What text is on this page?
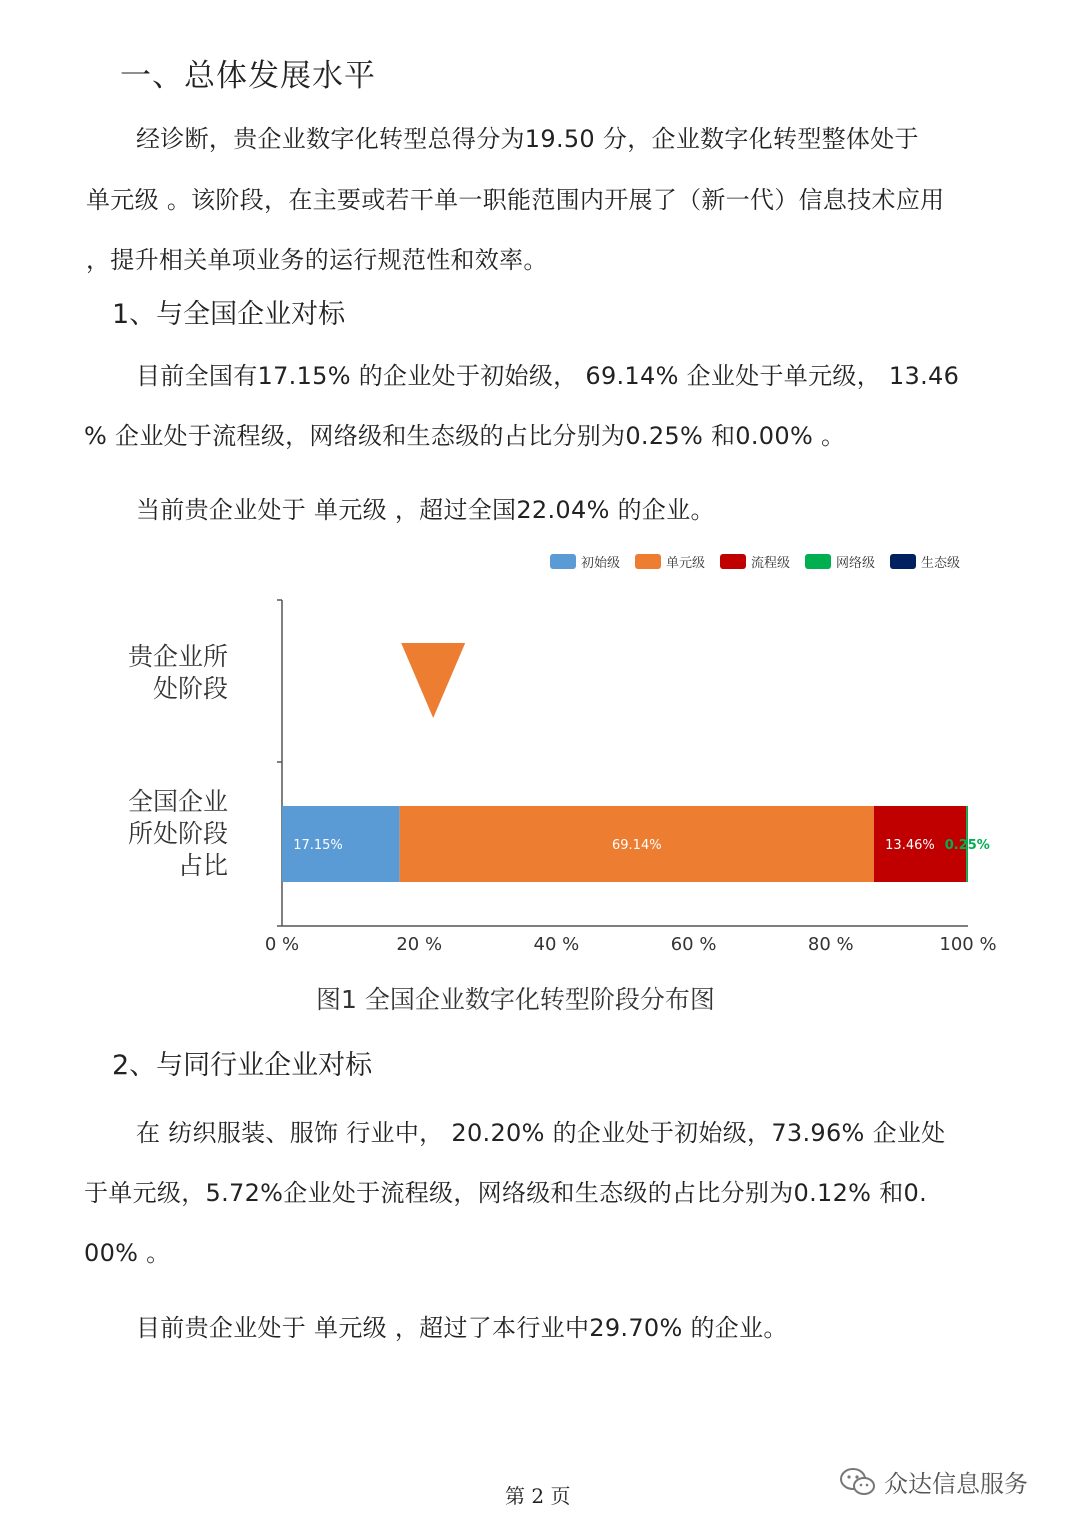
一、总体发展水平
经诊断，贵企业数字化转型总得分为19.50 分，企业数字化转型整体处于
单元级 。该阶段，在主要或若干单一职能范围内开展了（新一代）信息技术应用
，提升相关单项业务的运行规范性和效率。
1、与全国企业对标
目前全国有17.15% 的企业处于初始级， 69.14% 企业处于单元级， 13.46
% 企业处于流程级，网络级和生态级的占比分别为0.25% 和0.00% 。
当前贵企业处于 单元级 ，超过全国22.04% 的企业。
0 %	20 %	40 %	60 %	80 %	100 %
贵企业所
处阶段
全国企业
所处阶段
占比
17.15%	69.14%	13.46% 0.25%
初始级	单元级	流程级	网络级	生态级
图1 全国企业数字化转型阶段分布图
2、与同行业企业对标
在 纺织服装、服饰 行业中， 20.20% 的企业处于初始级，73.96% 企业处
于单元级，5.72%企业处于流程级，网络级和生态级的占比分别为0.12% 和0.
00% 。
目前贵企业处于 单元级 ，超过了本行业中29.70% 的企业。
第 2 页	众达信息服务
